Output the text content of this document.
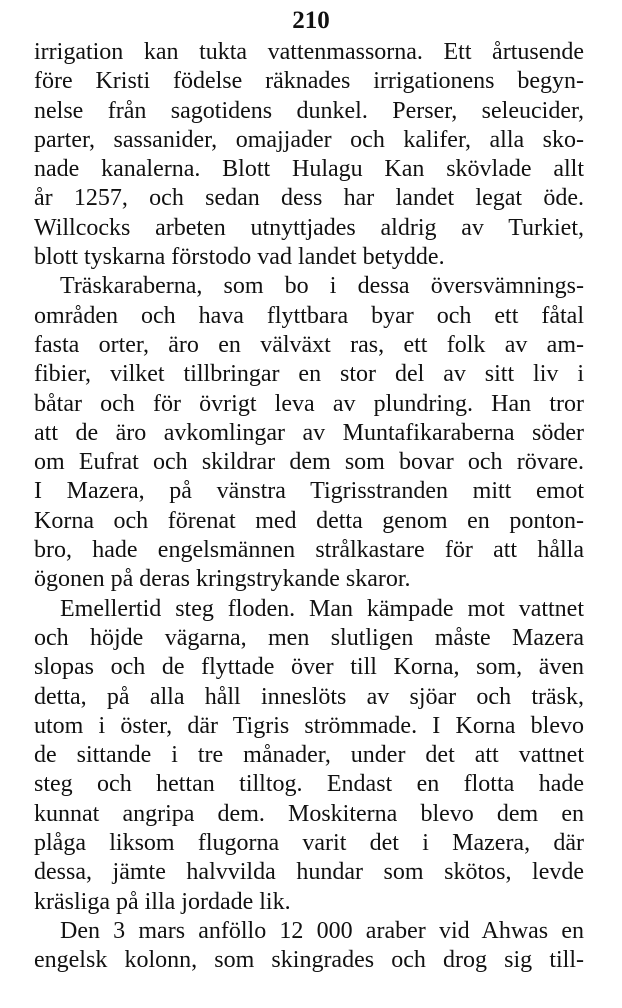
210
irrigation kan tukta vattenmassorna. Ett årtusende
före Kristi födelse räknades irrigationens begyn-
nelse från sagotidens dunkel. Perser, seleucider,
parter, sassanider, omajjader och kalifer, alla sko-
nade kanalerna. Blott Hulagu Kan skövlade allt
år 1257, och sedan dess har landet legat öde.
Willcocks arbeten utnyttjades aldrig av Turkiet,
blott tyskarna förstodo vad landet betydde.
Träskaraberna, som bo i dessa översvämnings-
områden och hava flyttbara byar och ett fåtal
fasta orter, äro en välväxt ras, ett folk av am-
fibier, vilket tillbringar en stor del av sitt liv i
båtar och för övrigt leva av plundring. Han tror
att de äro avkomlingar av Muntafikaraberna söder
om Eufrat och skildrar dem som bovar och rövare.
I Mazera, på vänstra Tigrisstranden mitt emot
Korna och förenat med detta genom en ponton-
bro, hade engelsmännen strålkastare för att hålla
ögonen på deras kringstrykande skaror.
Emellertid steg floden. Man kämpade mot vattnet
och höjde vägarna, men slutligen måste Mazera
slopas och de flyttade över till Korna, som, även
detta, på alla håll inneslöts av sjöar och träsk,
utom i öster, där Tigris strömmade. I Korna blevo
de sittande i tre månader, under det att vattnet
steg och hettan tilltog. Endast en flotta hade
kunnat angripa dem. Moskiterna blevo dem en
plåga liksom flugorna varit det i Mazera, där
dessa, jämte halvvilda hundar som skötos, levde
kräsliga på illa jordade lik.
Den 3 mars anföllo 12 000 araber vid Ahwas en
engelsk kolonn, som skingrades och drog sig till-
